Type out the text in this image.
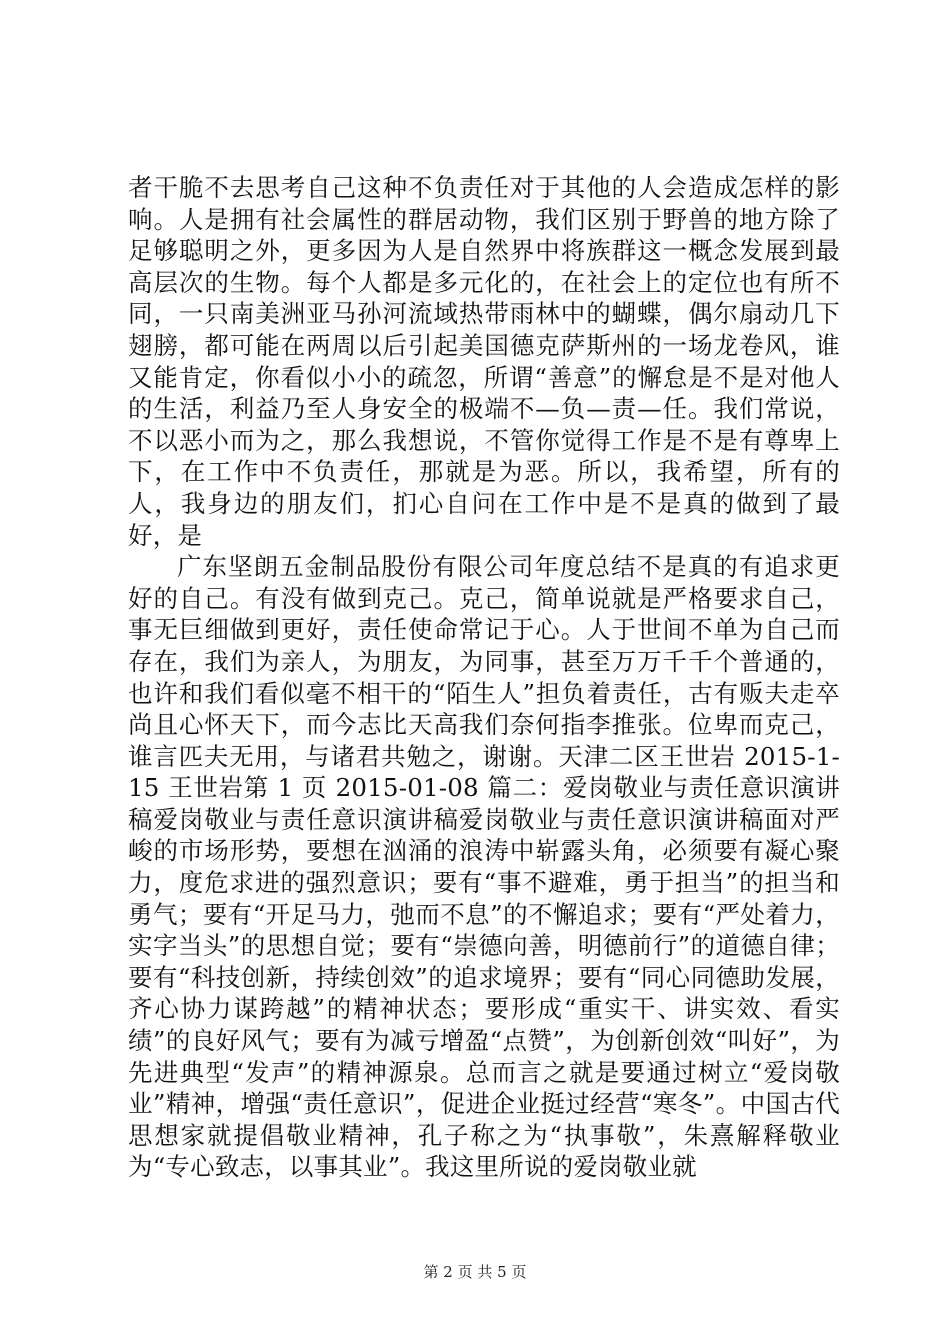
者干脆不去思考自己这种不负责任对于其他的人会造成怎样的影响。人是拥有社会属性的群居动物，我们区别于野兽的地方除了足够聪明之外，更多因为人是自然界中将族群这一概念发展到最高层次的生物。每个人都是多元化的，在社会上的定位也有所不同，一只南美洲亚马孙河流域热带雨林中的蝴蝶，偶尔扇动几下翅膀，都可能在两周以后引起美国德克萨斯州的一场龙卷风，谁又能肯定，你看似小小的疏忽，所谓“善意”的懈怠是不是对他人的生活，利益乃至人身安全的极端不—负—责—任。我们常说，不以恶小而为之，那么我想说，不管你觉得工作是不是有尊卑上下，在工作中不负责任，那就是为恶。所以，我希望，所有的人，我身边的朋友们，扪心自问在工作中是不是真的做到了最好，是

广东坚朗五金制品股份有限公司年度总结不是真的有追求更好的自己。有没有做到克己。克己，简单说就是严格要求自己，事无巨细做到更好，责任使命常记于心。人于世间不单为自己而存在，我们为亲人，为朋友，为同事，甚至万万千千个普通的，也许和我们看似毫不相干的“陌生人”担负着责任，古有贩夫走卒尚且心怀天下，而今志比天高我们奈何指李推张。位卑而克己，谁言匹夫无用，与诸君共勉之，谢谢。天津二区王世岩 2015-1-15 王世岩第 1 页 2015-01-08 篇二：爱岗敬业与责任意识演讲稿爱岗敬业与责任意识演讲稿爱岗敬业与责任意识演讲稿面对严峻的市场形势，要想在汹涌的浪涛中崭露头角，必须要有凝心聚力，度危求进的强烈意识；要有“事不避难，勇于担当”的担当和勇气；要有“开足马力，弛而不息”的不懈追求；要有“严处着力，实字当头”的思想自觉；要有“崇德向善，明德前行”的道德自律；要有“科技创新，持续创效”的追求境界；要有“同心同德助发展，齐心协力谋跨越”的精神状态；要形成“重实干、讲实效、看实绩”的良好风气；要有为减亏增盈“点赞”，为创新创效“叫好”，为先进典型“发声”的精神源泉。总而言之就是要通过树立“爱岗敬业”精神，增强“责任意识”，促进企业挺过经营“寒冬”。中国古代思想家就提倡敬业精神，孔子称之为“执事敬”，朱熹解释敬业为“专心致志，以事其业”。我这里所说的爱岗敬业就

第 2 页 共 5 页
